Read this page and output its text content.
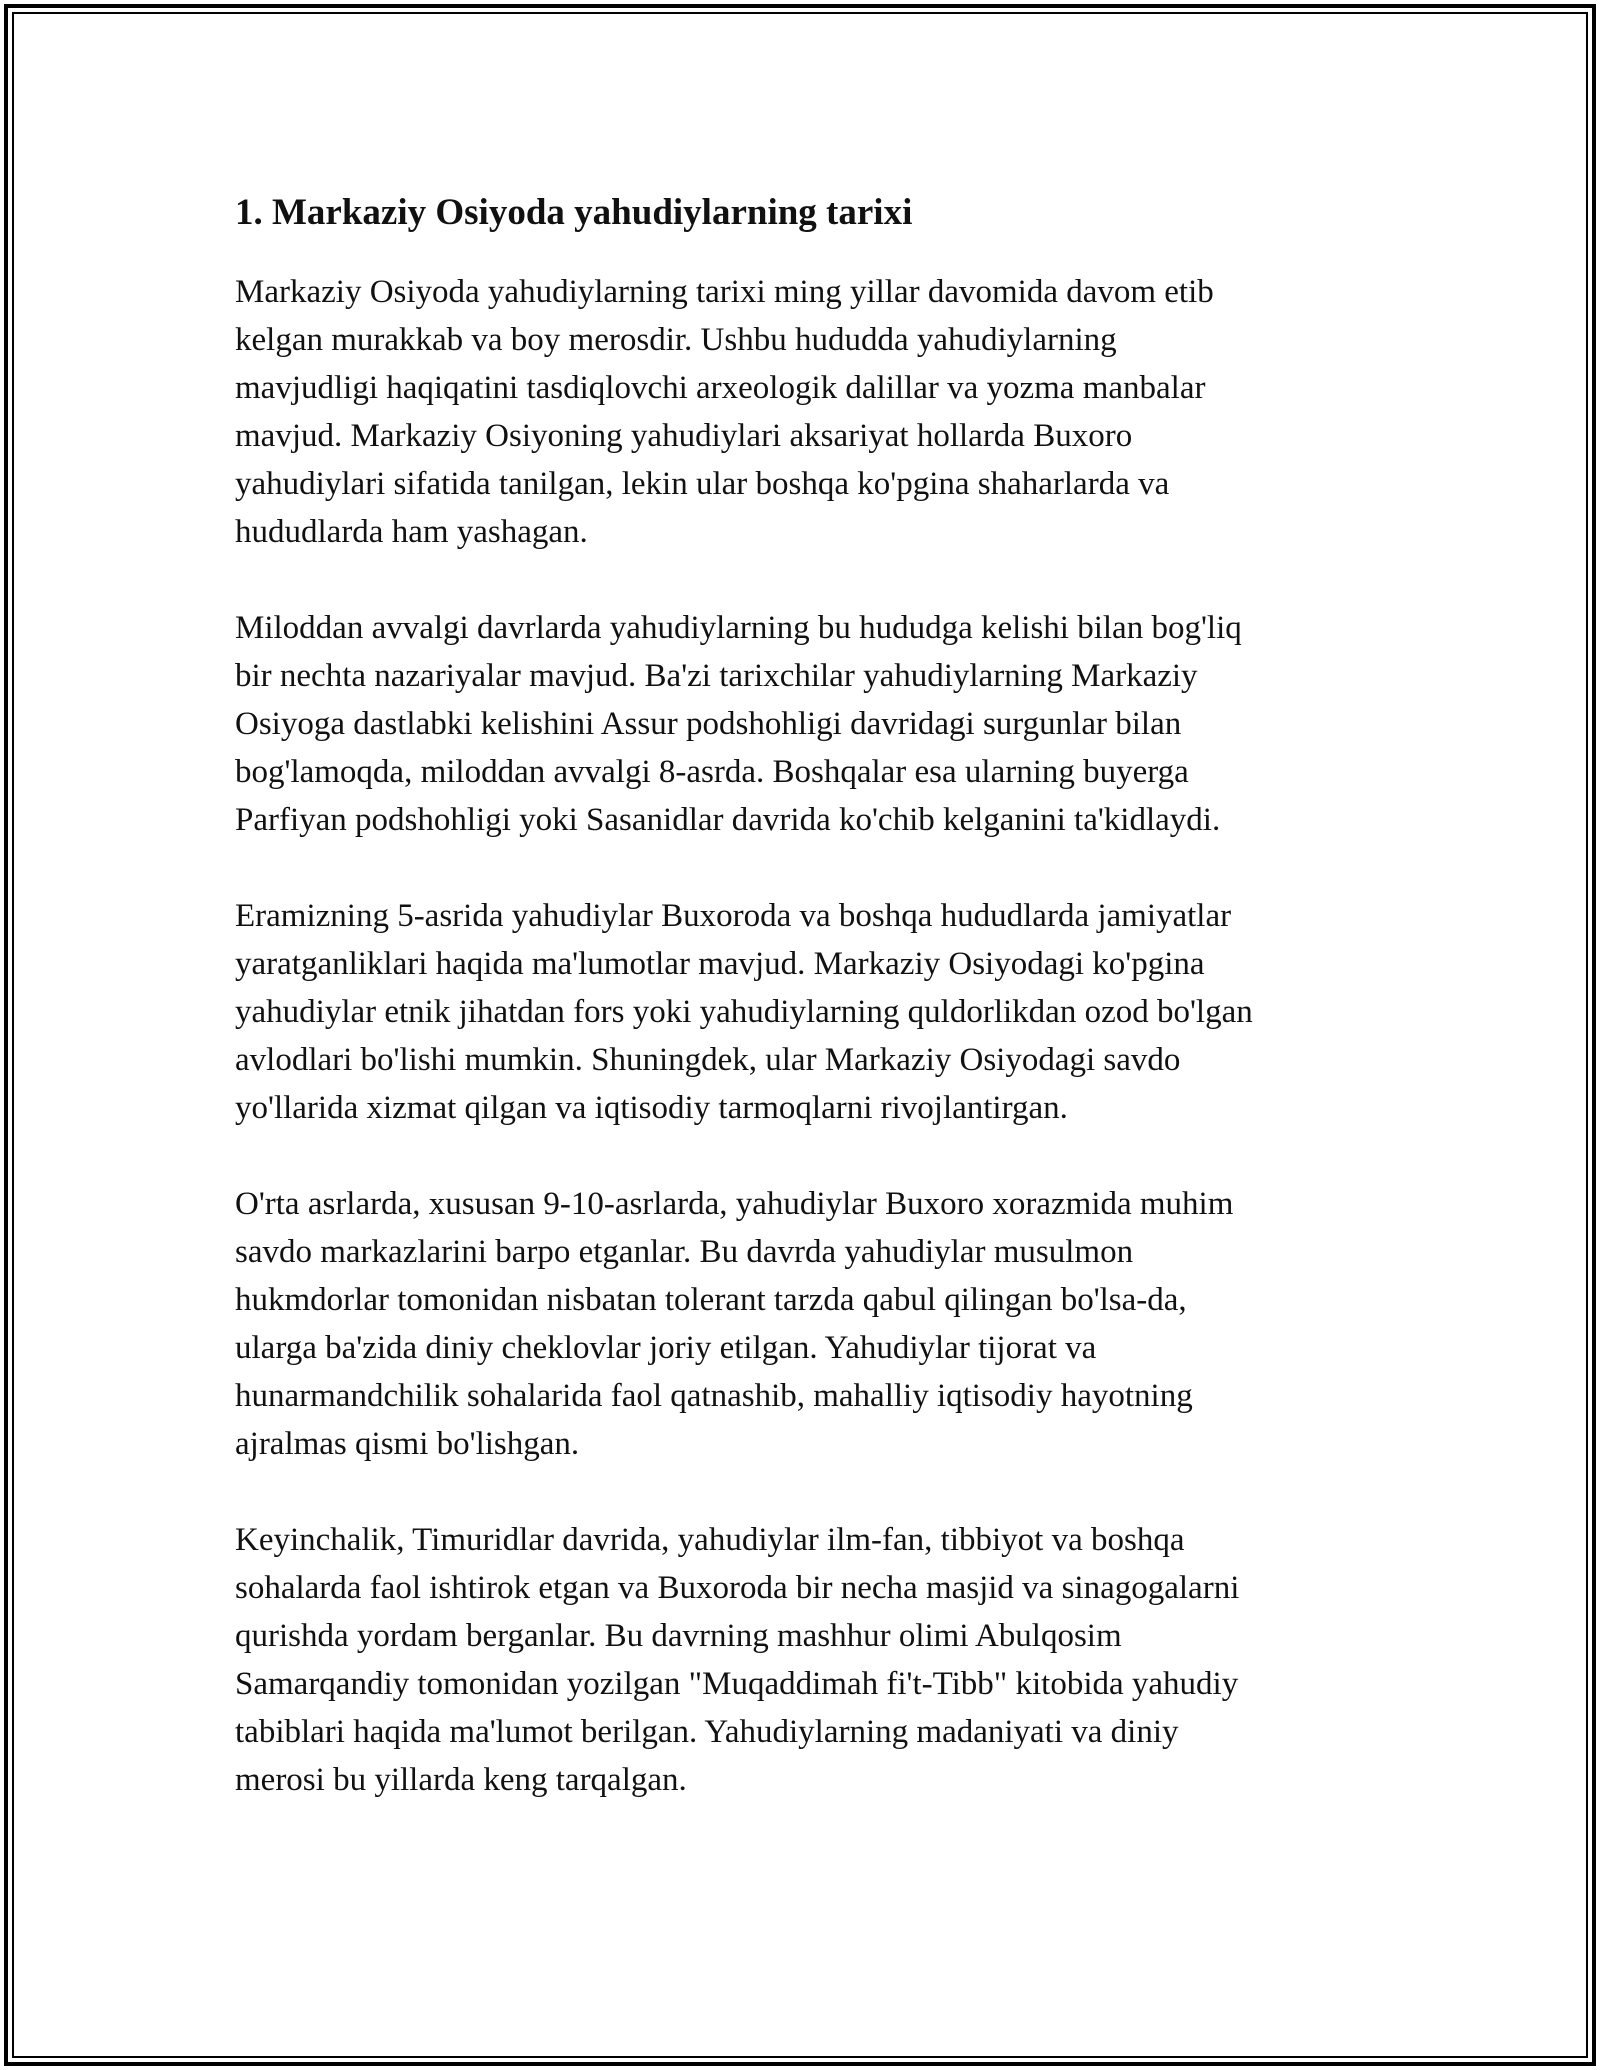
1. Markaziy Osiyoda yahudiylarning tarixi

Markaziy Osiyoda yahudiylarning tarixi ming yillar davomida davom etib
kelgan murakkab va boy merosdir. Ushbu hududda yahudiylarning
mavjudligi haqiqatini tasdiqlovchi arxeologik dalillar va yozma manbalar
mavjud. Markaziy Osiyoning yahudiylari aksariyat hollarda Buxoro
yahudiylari sifatida tanilgan, lekin ular boshqa ko'pgina shaharlarda va
hududlarda ham yashagan.

Miloddan avvalgi davrlarda yahudiylarning bu hududga kelishi bilan bog'liq
bir nechta nazariyalar mavjud. Ba'zi tarixchilar yahudiylarning Markaziy
Osiyoga dastlabki kelishini Assur podshohligi davridagi surgunlar bilan
bog'lamoqda, miloddan avvalgi 8-asrda. Boshqalar esa ularning buyerga
Parfiyan podshohligi yoki Sasanidlar davrida ko'chib kelganini ta'kidlaydi.

Eramizning 5-asrida yahudiylar Buxoroda va boshqa hududlarda jamiyatlar
yaratganliklari haqida ma'lumotlar mavjud. Markaziy Osiyodagi ko'pgina
yahudiylar etnik jihatdan fors yoki yahudiylarning quldorlikdan ozod bo'lgan
avlodlari bo'lishi mumkin. Shuningdek, ular Markaziy Osiyodagi savdo
yo'llarida xizmat qilgan va iqtisodiy tarmoqlarni rivojlantirgan.

O'rta asrlarda, xususan 9-10-asrlarda, yahudiylar Buxoro xorazmida muhim
savdo markazlarini barpo etganlar. Bu davrda yahudiylar musulmon
hukmdorlar tomonidan nisbatan tolerant tarzda qabul qilingan bo'lsa-da,
ularga ba'zida diniy cheklovlar joriy etilgan. Yahudiylar tijorat va
hunarmandchilik sohalarida faol qatnashib, mahalliy iqtisodiy hayotning
ajralmas qismi bo'lishgan.

Keyinchalik, Timuridlar davrida, yahudiylar ilm-fan, tibbiyot va boshqa
sohalarda faol ishtirok etgan va Buxoroda bir necha masjid va sinagogalarni
qurishda yordam berganlar. Bu davrning mashhur olimi Abulqosim
Samarqandiy tomonidan yozilgan "Muqaddimah fi't-Tibb" kitobida yahudiy
tabiblari haqida ma'lumot berilgan. Yahudiylarning madaniyati va diniy
merosi bu yillarda keng tarqalgan.
